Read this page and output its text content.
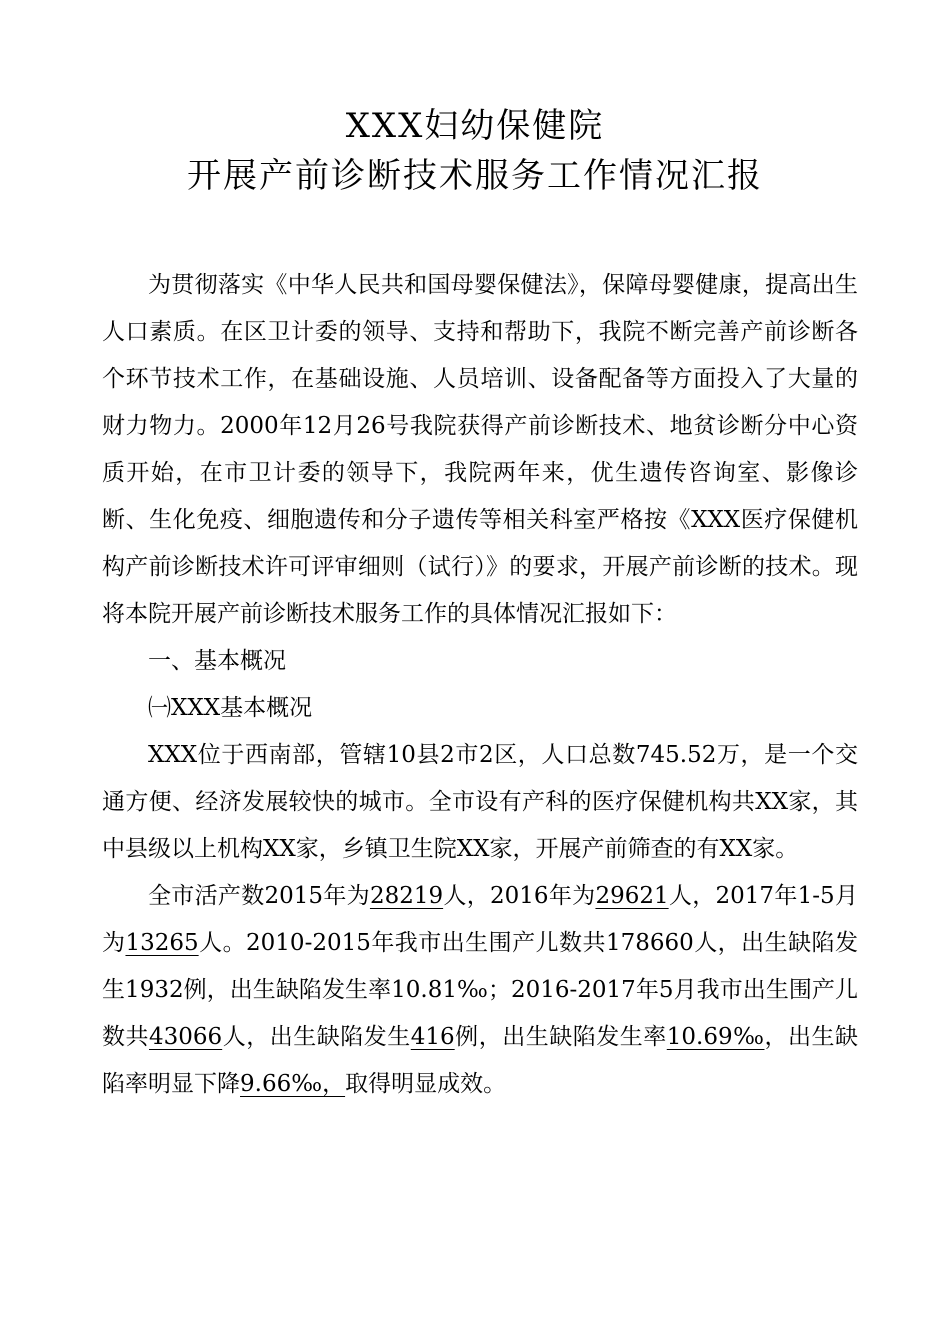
XXX妇幼保健院
开展产前诊断技术服务工作情况汇报

为贯彻落实《中华人民共和国母婴保健法》，保障母婴健康，提高出生人口素质。在区卫计委的领导、支持和帮助下，我院不断完善产前诊断各个环节技术工作，在基础设施、人员培训、设备配备等方面投入了大量的财力物力。2000年12月26号我院获得产前诊断技术、地贫诊断分中心资质开始，在市卫计委的领导下，我院两年来，优生遗传咨询室、影像诊断、生化免疫、细胞遗传和分子遗传等相关科室严格按《XXX医疗保健机构产前诊断技术许可评审细则（试行）》的要求，开展产前诊断的技术。现将本院开展产前诊断技术服务工作的具体情况汇报如下：

一、基本概况

㈠XXX基本概况

XXX位于西南部，管辖10县2市2区，人口总数745.52万，是一个交通方便、经济发展较快的城市。全市设有产科的医疗保健机构共XX家，其中县级以上机构XX家，乡镇卫生院XX家，开展产前筛查的有XX家。

全市活产数2015年为28219人，2016年为29621人，2017年1-5月为13265人。2010-2015年我市出生围产儿数共178660人，出生缺陷发生1932例，出生缺陷发生率10.81‰；2016-2017年5月我市出生围产儿数共43066人，出生缺陷发生416例，出生缺陷发生率10.69‰，出生缺陷率明显下降9.66‰，取得明显成效。
